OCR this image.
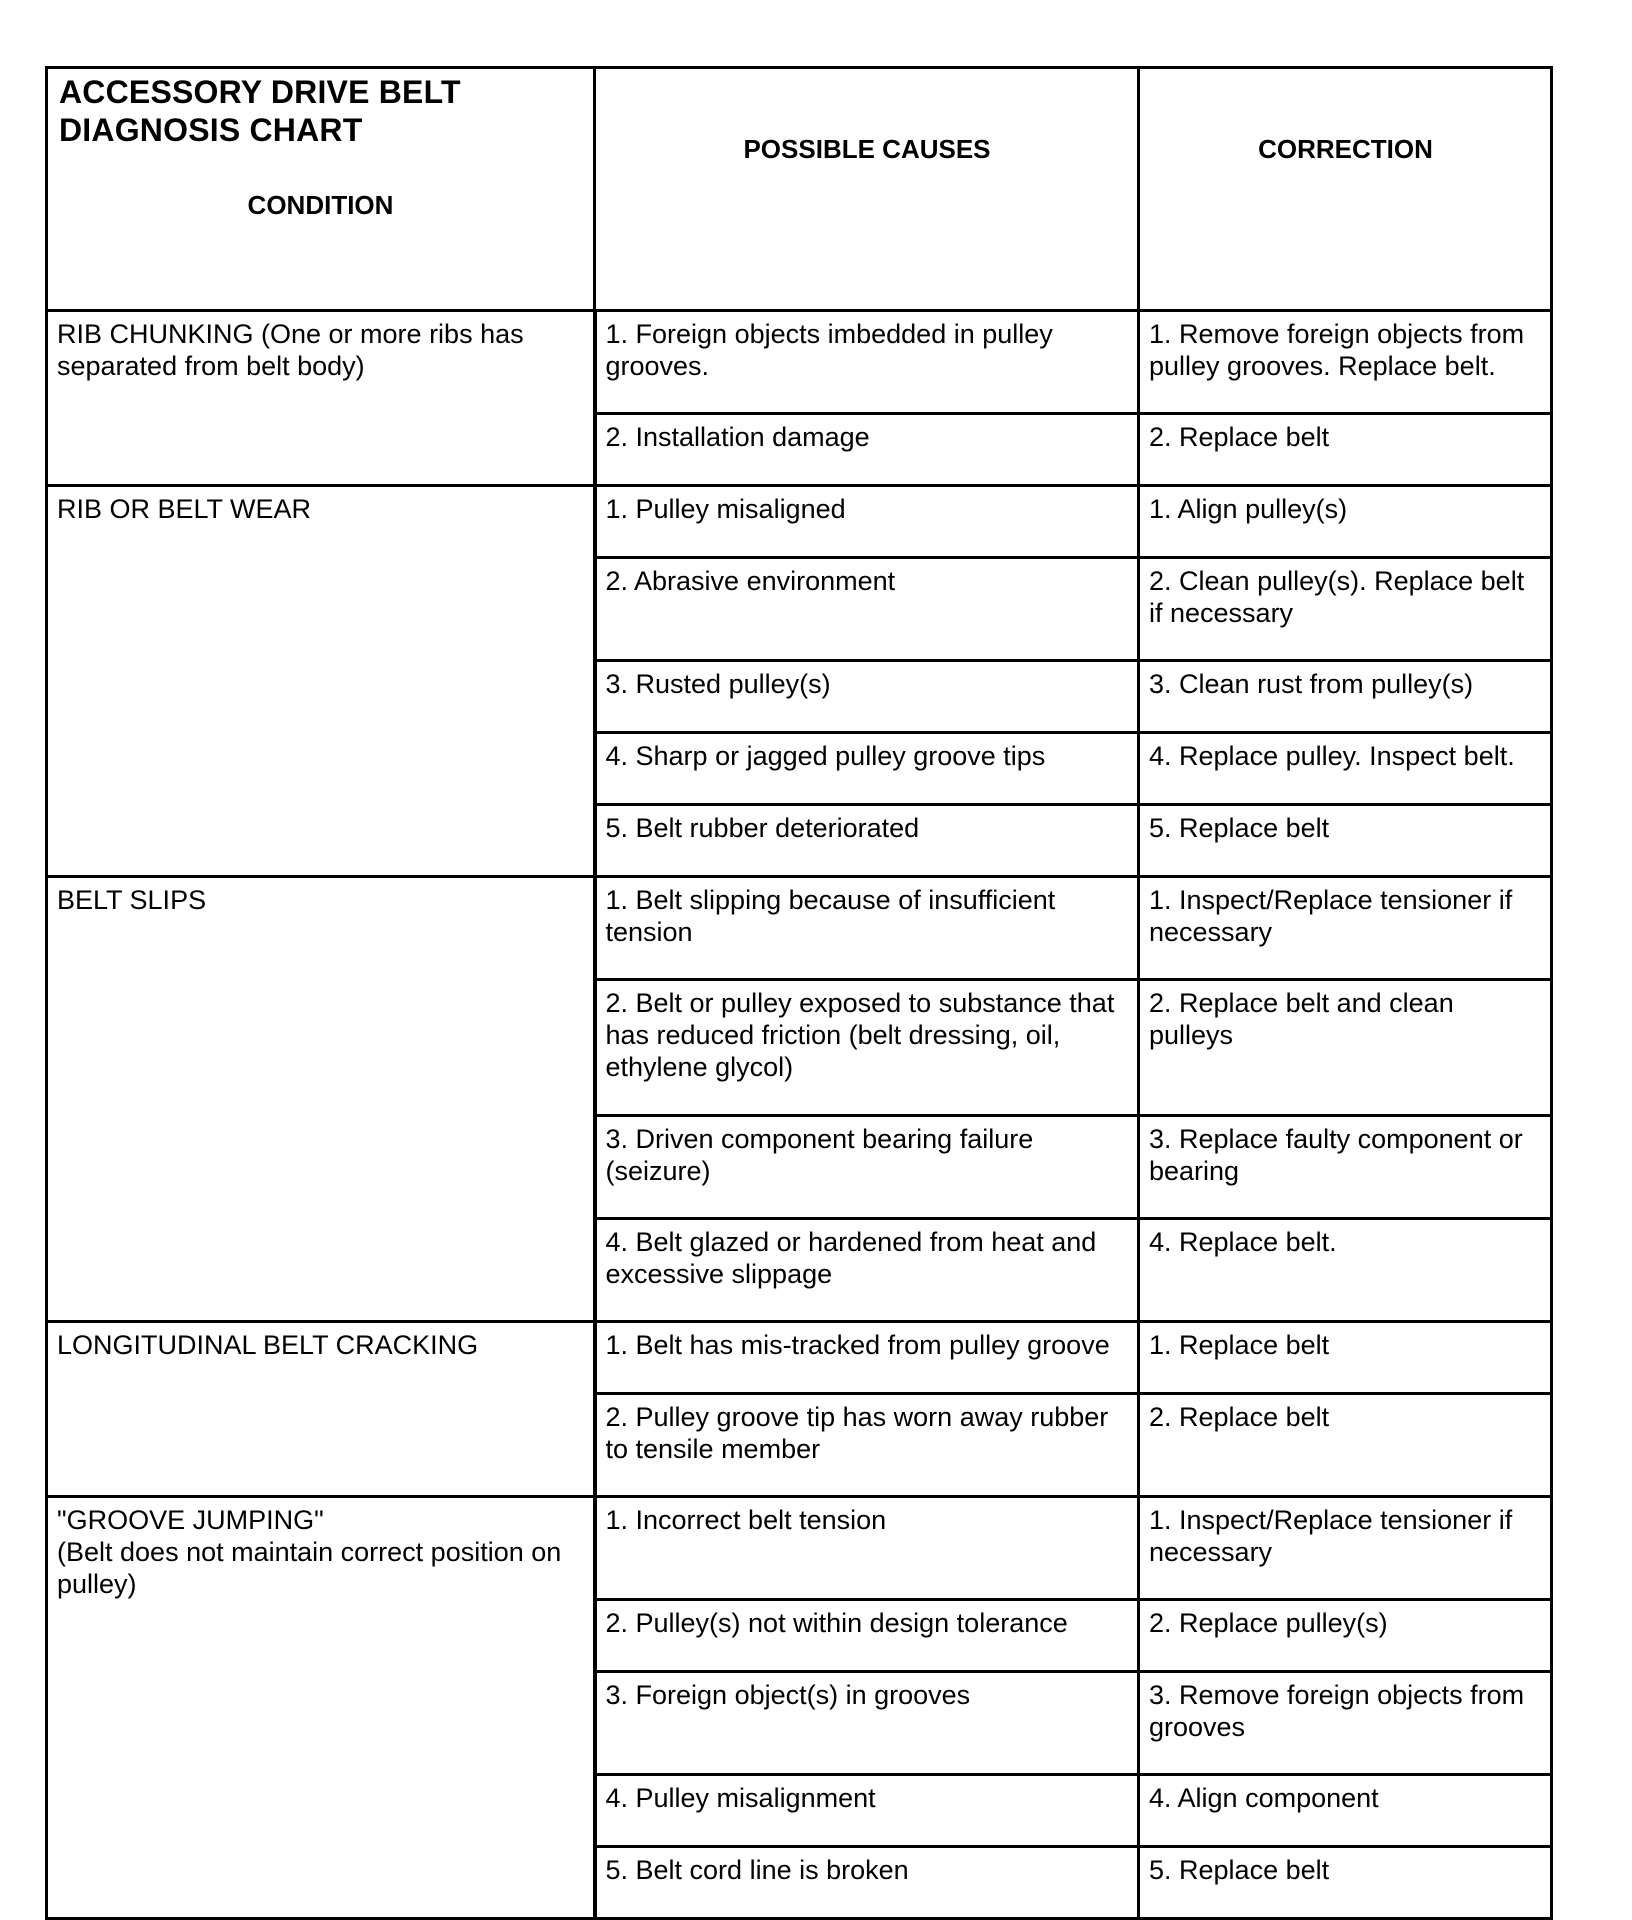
ACCESSORY DRIVE BELT
DIAGNOSIS CHART
CONDITION	POSSIBLE CAUSES	CORRECTION
RIB CHUNKING (One or more ribs has separated from belt body)	1. Foreign objects imbedded in pulley grooves.	1. Remove foreign objects from pulley grooves. Replace belt.
	2. Installation damage	2. Replace belt
RIB OR BELT WEAR	1. Pulley misaligned	1. Align pulley(s)
	2. Abrasive environment	2. Clean pulley(s). Replace belt if necessary
	3. Rusted pulley(s)	3. Clean rust from pulley(s)
	4. Sharp or jagged pulley groove tips	4. Replace pulley. Inspect belt.
	5. Belt rubber deteriorated	5. Replace belt
BELT SLIPS	1. Belt slipping because of insufficient tension	1. Inspect/Replace tensioner if necessary
	2. Belt or pulley exposed to substance that has reduced friction (belt dressing, oil, ethylene glycol)	2. Replace belt and clean pulleys
	3. Driven component bearing failure (seizure)	3. Replace faulty component or bearing
	4. Belt glazed or hardened from heat and excessive slippage	4. Replace belt.
LONGITUDINAL BELT CRACKING	1. Belt has mis-tracked from pulley groove	1. Replace belt
	2. Pulley groove tip has worn away rubber to tensile member	2. Replace belt

"GROOVE JUMPING"
(Belt does not maintain correct position on pulley)	1. Incorrect belt tension	1. Inspect/Replace tensioner if necessary
	2. Pulley(s) not within design tolerance	2. Replace pulley(s)
	3. Foreign object(s) in grooves	3. Remove foreign objects from grooves
	4. Pulley misalignment	4. Align component
	5. Belt cord line is broken	5. Replace belt
